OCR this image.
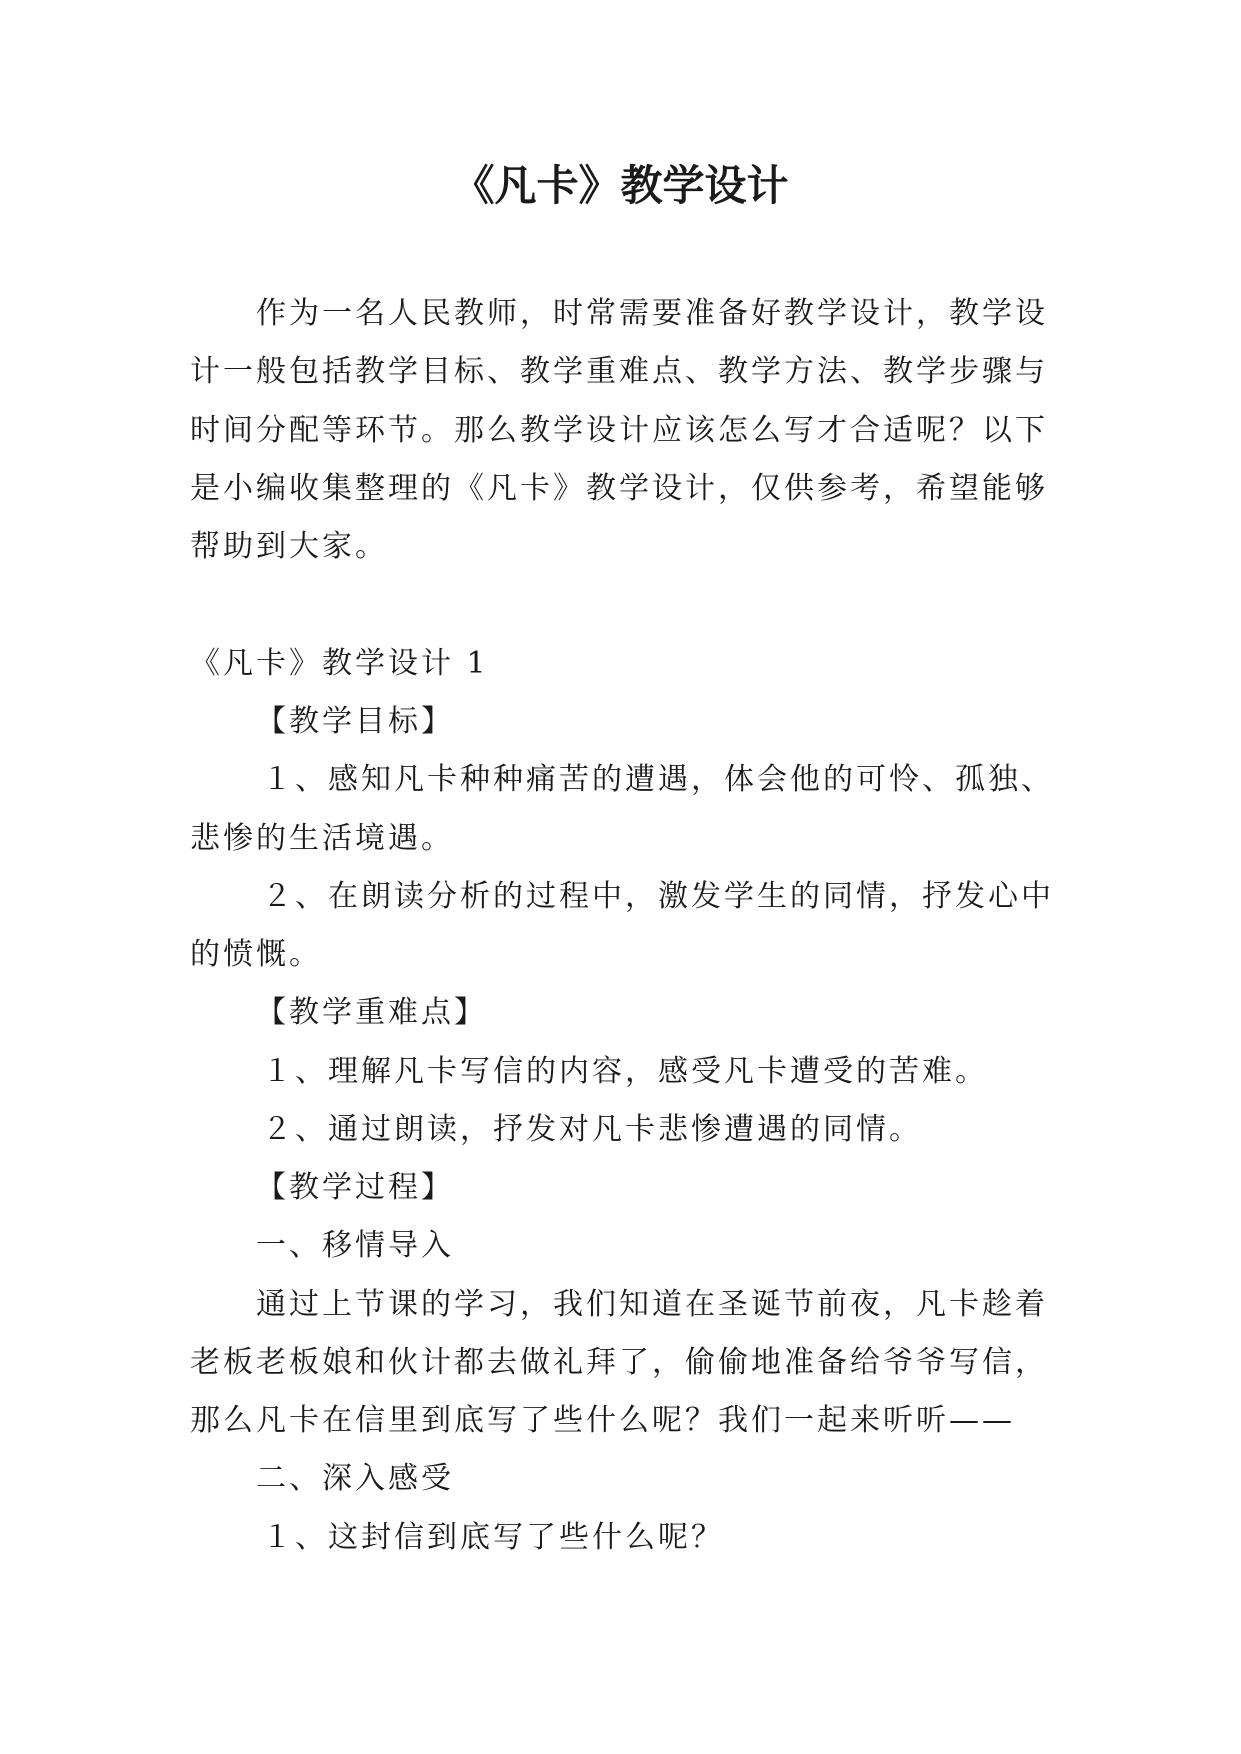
《凡卡》教学设计

作为一名人民教师，时常需要准备好教学设计，教学设

计一般包括教学目标、教学重难点、教学方法、教学步骤与

时间分配等环节。那么教学设计应该怎么写才合适呢？以下

是小编收集整理的《凡卡》教学设计，仅供参考，希望能够

帮助到大家。

《凡卡》教学设计 1

【教学目标】

１、感知凡卡种种痛苦的遭遇，体会他的可怜、孤独、

悲惨的生活境遇。

２、在朗读分析的过程中，激发学生的同情，抒发心中

的愤慨。

【教学重难点】

１、理解凡卡写信的内容，感受凡卡遭受的苦难。

２、通过朗读，抒发对凡卡悲惨遭遇的同情。

【教学过程】

一、移情导入

通过上节课的学习，我们知道在圣诞节前夜，凡卡趁着

老板老板娘和伙计都去做礼拜了，偷偷地准备给爷爷写信，

那么凡卡在信里到底写了些什么呢？我们一起来听听——

二、深入感受

１、这封信到底写了些什么呢？
